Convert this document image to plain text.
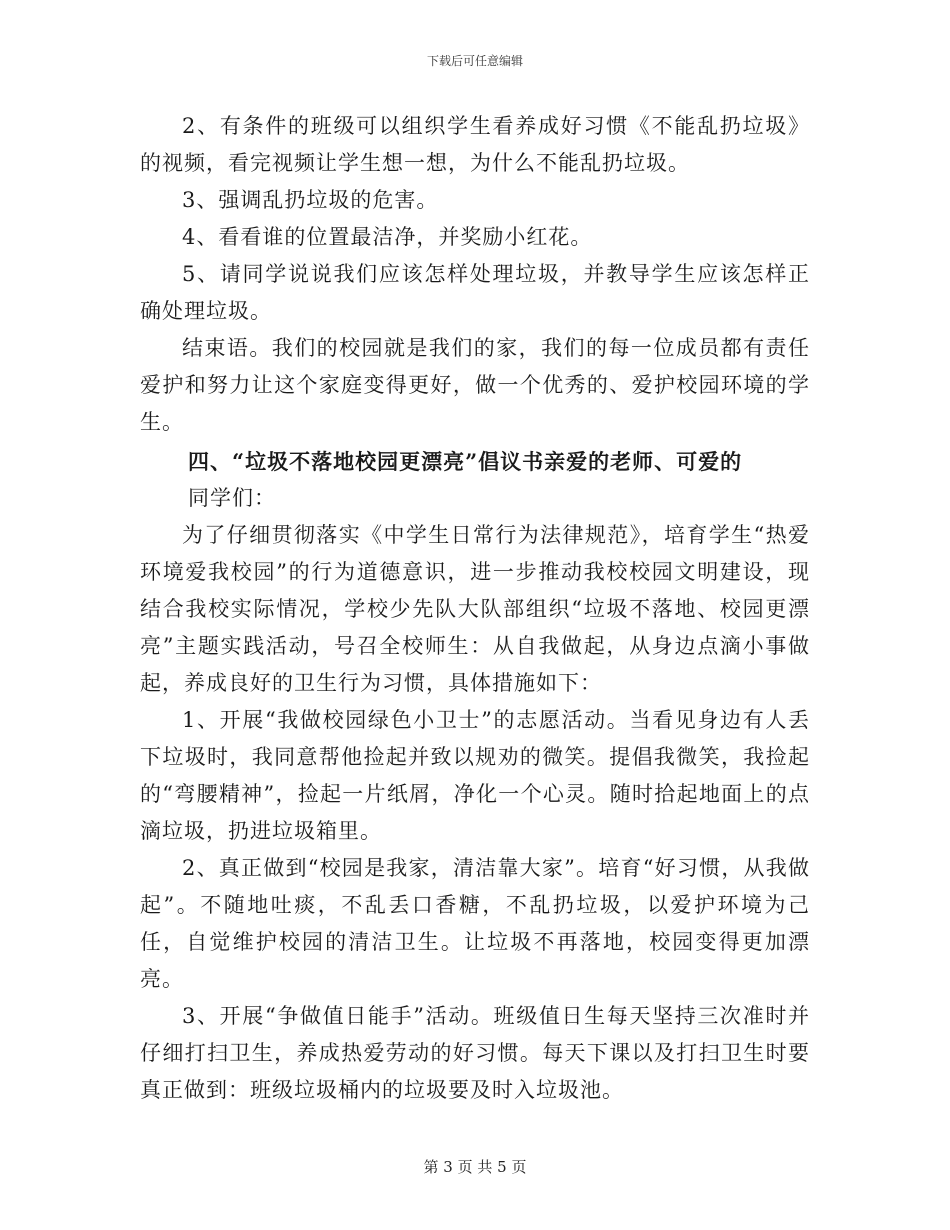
下载后可任意编辑

2、有条件的班级可以组织学生看养成好习惯《不能乱扔垃圾》的视频，看完视频让学生想一想，为什么不能乱扔垃圾。

3、强调乱扔垃圾的危害。

4、看看谁的位置最洁净，并奖励小红花。

5、请同学说说我们应该怎样处理垃圾，并教导学生应该怎样正确处理垃圾。

结束语。我们的校园就是我们的家，我们的每一位成员都有责任爱护和努力让这个家庭变得更好，做一个优秀的、爱护校园环境的学生。

四、“垃圾不落地校园更漂亮”倡议书亲爱的老师、可爱的

同学们：

为了仔细贯彻落实《中学生日常行为法律规范》，培育学生“热爱环境爱我校园”的行为道德意识，进一步推动我校校园文明建设，现结合我校实际情况，学校少先队大队部组织“垃圾不落地、校园更漂亮”主题实践活动，号召全校师生：从自我做起，从身边点滴小事做起，养成良好的卫生行为习惯，具体措施如下：

1、开展“我做校园绿色小卫士”的志愿活动。当看见身边有人丢下垃圾时，我同意帮他捡起并致以规劝的微笑。提倡我微笑，我捡起的“弯腰精神”，捡起一片纸屑，净化一个心灵。随时拾起地面上的点滴垃圾，扔进垃圾箱里。

2、真正做到“校园是我家，清洁靠大家”。培育“好习惯，从我做起”。不随地吐痰，不乱丢口香糖，不乱扔垃圾，以爱护环境为己任，自觉维护校园的清洁卫生。让垃圾不再落地，校园变得更加漂亮。

3、开展“争做值日能手”活动。班级值日生每天坚持三次准时并仔细打扫卫生，养成热爱劳动的好习惯。每天下课以及打扫卫生时要真正做到：班级垃圾桶内的垃圾要及时入垃圾池。

第 3 页 共 5 页
